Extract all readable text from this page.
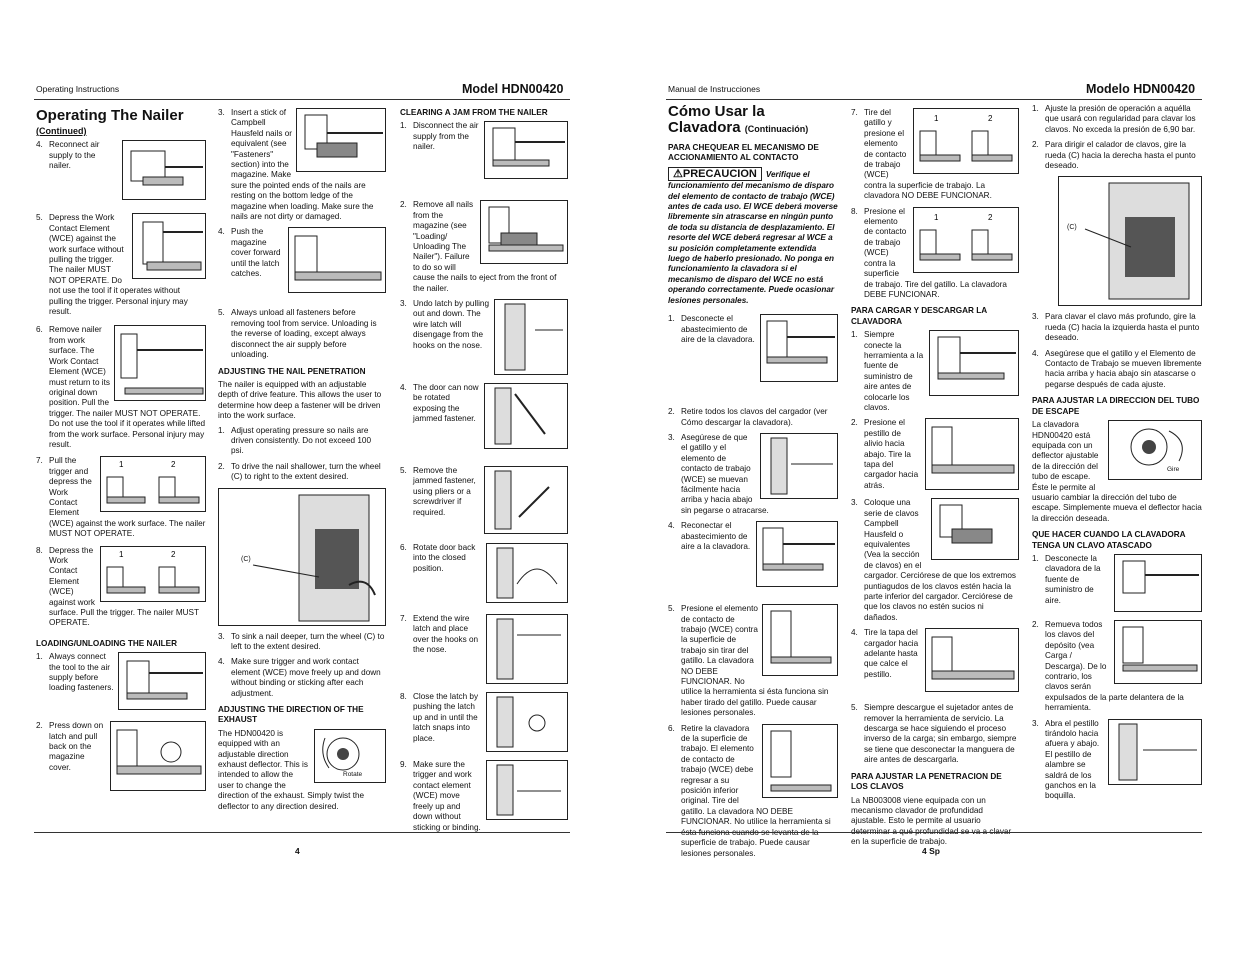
Operating Instructions	Model HDN00420
Operating The Nailer
(Continued)
4. Reconnect air supply to the nailer.
5. Depress the Work Contact Element (WCE) against the work surface without pulling the trigger. The nailer MUST NOT OPERATE. Do not use the tool if it operates without pulling the trigger. Personal injury may result.
6. Remove nailer from work surface. The Work Contact Element (WCE) must return to its original down position. Pull the trigger. The nailer MUST NOT OPERATE. Do not use the tool if it operates while lifted from the work surface. Personal injury may result.
7.	1	2
Pull the trigger and depress the Work Contact Element (WCE) against the work surface. The nailer MUST NOT OPERATE.
8.	1	2
Depress the Work Contact Element (WCE) against work surface. Pull the trigger. The nailer MUST OPERATE.
LOADING/UNLOADING THE NAILER
1. Always connect the tool to the air supply before loading fasteners.
2. Press down on latch and pull back on the magazine cover.
3. Insert a stick of Campbell Hausfeld nails or equivalent (see "Fasteners" section) into the magazine. Make sure the pointed ends of the nails are resting on the bottom ledge of the magazine when loading. Make sure the nails are not dirty or damaged.
4. Push the magazine cover forward until the latch catches.
5. Always unload all fasteners before removing tool from service. Unloading is the reverse of loading, except always disconnect the air supply before unloading.
ADJUSTING THE NAIL PENETRATION
The nailer is equipped with an adjustable depth of drive feature. This allows the user to determine how deep a fastener will be driven into the work surface.
1. Adjust operating pressure so nails are driven consistently. Do not exceed 100 psi.
2. To drive the nail shallower, turn the wheel (C) to right to the extent desired.
(C)
3. To sink a nail deeper, turn the wheel (C) to left to the extent desired.
4. Make sure trigger and work contact element (WCE) move freely up and down without binding or sticking after each adjustment.
ADJUSTING THE DIRECTION OF THE EXHAUST
Rotate
The HDN00420 is equipped with an adjustable direction exhaust deflector. This is intended to allow the user to change the direction of the exhaust. Simply twist the deflector to any direction desired.
CLEARING A JAM FROM THE NAILER
1. Disconnect the air supply from the nailer.
2. Remove all nails from the magazine (see "Loading/ Unloading The Nailer"). Failure to do so will cause the nails to eject from the front of the nailer.
3. Undo latch by pulling out and down. The wire latch will disengage from the hooks on the nose.
4. The door can now be rotated exposing the jammed fastener.
5. Remove the jammed fastener, using pliers or a screwdriver if required.
6. Rotate door back into the closed position.
7. Extend the wire latch and place over the hooks on the nose.
8. Close the latch by pushing the latch up and in until the latch snaps into place.
9. Make sure the trigger and work contact element (WCE) move freely up and down without sticking or binding.
4
Manual de Instrucciones	Modelo HDN00420
Cómo Usar la Clavadora (Continuación)
PARA CHEQUEAR EL MECANISMO DE ACCIONAMIENTO AL CONTACTO
⚠PRECAUCION Verifique el funcionamiento del mecanismo de disparo del elemento de contacto de trabajo (WCE) antes de cada uso. El WCE deberá moverse libremente sin atrascarse en ningún punto de toda su distancia de desplazamiento. El resorte del WCE deberá regresar al WCE a su posición completamente extendida luego de haberlo presionado. No ponga en funcionamiento la clavadora si el mecanismo de disparo del WCE no está operando correctamente. Puede ocasionar lesiones personales.
1. Desconecte el abastecimiento de aire de la clavadora.
2. Retire todos los clavos del cargador (ver Cómo descargar la clavadora).
3. Asegúrese de que el gatillo y el elemento de contacto de trabajo (WCE) se muevan fácilmente hacia arriba y hacia abajo sin pegarse o atracarse.
4. Reconectar el abastecimiento de aire a la clavadora.
5. Presione el elemento de contacto de trabajo (WCE) contra la superficie de trabajo sin tirar del gatillo. La clavadora NO DEBE FUNCIONAR. No utilice la herramienta si ésta funciona sin haber tirado del gatillo. Puede causar lesiones personales.
6. Retire la clavadora de la superficie de trabajo. El elemento de contacto de trabajo (WCE) debe regresar a su posición inferior original. Tire del gatillo. La clavadora NO DEBE FUNCIONAR. No utilice la herramienta si superficie de trabajo. Puede causar lesiones personales.
7.
1	2
Tire del gatillo y presione el elemento de contacto de trabajo (WCE) contra la superficie de trabajo. La clavadora NO DEBE FUNCIONAR.
8.
1	2
Presione el elemento de contacto de trabajo (WCE) contra la superficie de trabajo. Tire del gatillo. La clavadora DEBE FUNCIONAR.
PARA CARGAR Y DESCARGAR LA CLAVADORA
1. Siempre conecte la herramienta a la fuente de suministro de aire antes de colocarle los clavos.
2. Presione el pestillo de alivio hacia abajo. Tire la tapa del cargador hacia atrás.
3. Coloque una serie de clavos Campbell Hausfeld o equivalentes (Vea la sección de clavos) en el cargador. Cerciórese de que los extremos puntiagudos de los clavos estén hacia la parte inferior del cargador. Cerciórese de que los clavos no estén sucios ni dañados.
4. Tire la tapa del cargador hacia adelante hasta que calce el pestillo.
5. Siempre descargue el sujetador antes de remover la herramienta de servicio. La descarga se hace siguiendo el proceso inverso de la carga; sin embargo, siempre se tiene que desconectar la manguera de aire antes de descargarla.
PARA AJUSTAR LA PENETRACION DE LOS CLAVOS
La NB003008 viene equipada con un mecanismo clavador de profundidad ajustable. Esto le permite al usuario en la superficie de trabajo.
1. Ajuste la presión de operación a aquélla que usará con regularidad para clavar los clavos. No exceda la presión de 6,90 bar.
2. Para dirigir el calador de clavos, gire la rueda (C) hacia la derecha hasta el punto deseado.
(C)
3. Para clavar el clavo más profundo, gire la rueda (C) hacia la izquierda hasta el punto deseado.
4. Asegúrese que el gatillo y el Elemento de Contacto de Trabajo se mueven libremente hacia arriba y hacia abajo sin atascarse o pegarse después de cada ajuste.
PARA AJUSTAR LA DIRECCION DEL TUBO DE ESCAPE
Gire
La clavadora HDN00420 está equipada con un deflector ajustable de la dirección del tubo de escape. Éste le permite al usuario cambiar la dirección del tubo de escape. Simplemente mueva el deflector hacia la dirección deseada.
QUE HACER CUANDO LA CLAVADORA TENGA UN CLAVO ATASCADO
1. Desconecte la clavadora de la fuente de suministro de aire.
2. Remueva todos los clavos del depósito (vea Carga / Descarga). De lo contrario, los clavos serán expulsados de la parte delantera de la herramienta.
3. Abra el pestillo tirándolo hacia afuera y abajo. El pestillo de alambre se saldrá de los ganchos en la boquilla.
4 Sp
